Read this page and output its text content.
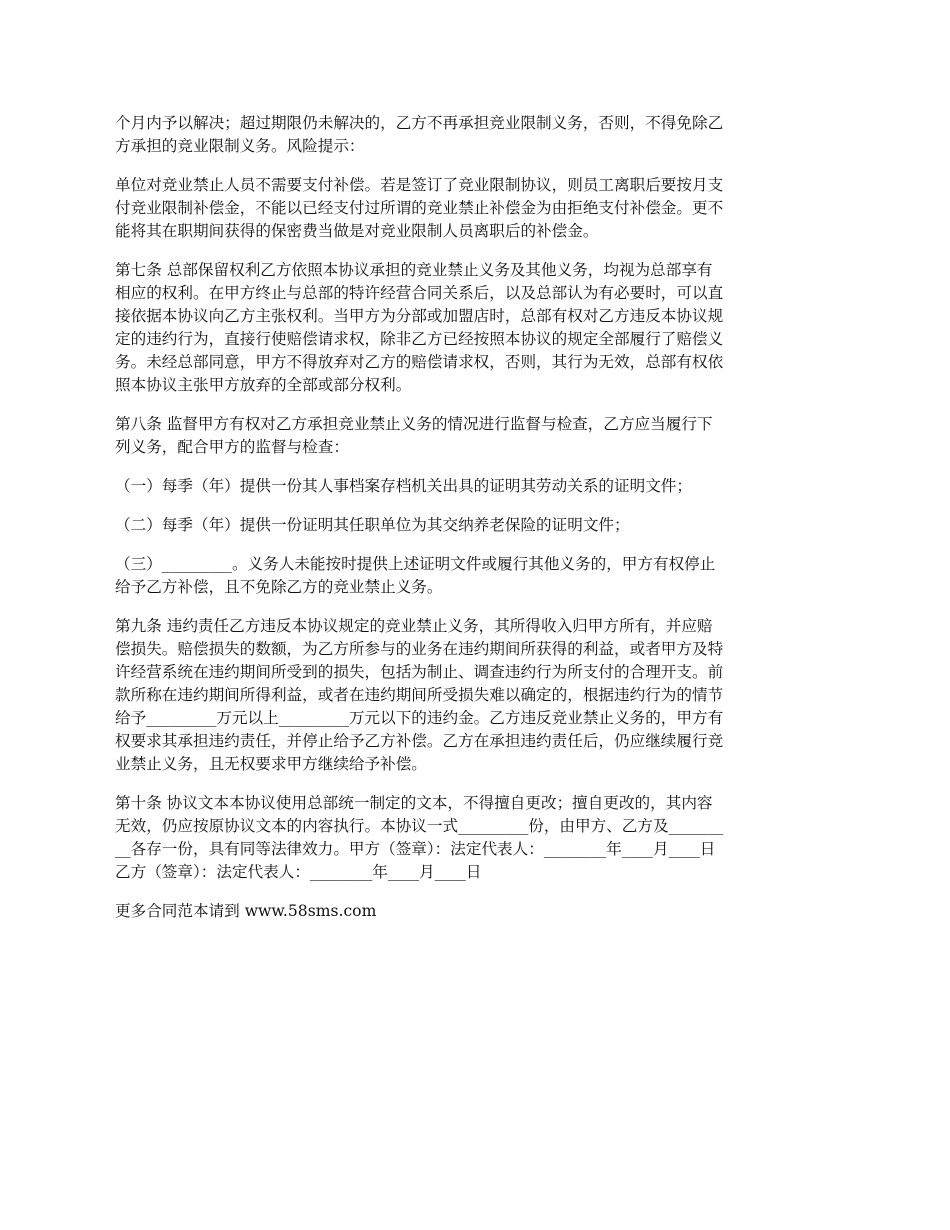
个月内予以解决；超过期限仍未解决的，乙方不再承担竞业限制义务，否则，不得免除乙
方承担的竞业限制义务。风险提示：

单位对竞业禁止人员不需要支付补偿。若是签订了竞业限制协议，则员工离职后要按月支
付竞业限制补偿金，不能以已经支付过所谓的竞业禁止补偿金为由拒绝支付补偿金。更不
能将其在职期间获得的保密费当做是对竞业限制人员离职后的补偿金。

第七条 总部保留权利乙方依照本协议承担的竞业禁止义务及其他义务，均视为总部享有
相应的权利。在甲方终止与总部的特许经营合同关系后，以及总部认为有必要时，可以直
接依据本协议向乙方主张权利。当甲方为分部或加盟店时，总部有权对乙方违反本协议规
定的违约行为，直接行使赔偿请求权，除非乙方已经按照本协议的规定全部履行了赔偿义
务。未经总部同意，甲方不得放弃对乙方的赔偿请求权，否则，其行为无效，总部有权依
照本协议主张甲方放弃的全部或部分权利。

第八条 监督甲方有权对乙方承担竞业禁止义务的情况进行监督与检查，乙方应当履行下
列义务，配合甲方的监督与检查：

（一）每季（年）提供一份其人事档案存档机关出具的证明其劳动关系的证明文件；

（二）每季（年）提供一份证明其任职单位为其交纳养老保险的证明文件；

（三）_________。义务人未能按时提供上述证明文件或履行其他义务的，甲方有权停止
给予乙方补偿，且不免除乙方的竞业禁止义务。

第九条 违约责任乙方违反本协议规定的竞业禁止义务，其所得收入归甲方所有，并应赔
偿损失。赔偿损失的数额，为乙方所参与的业务在违约期间所获得的利益，或者甲方及特
许经营系统在违约期间所受到的损失，包括为制止、调查违约行为所支付的合理开支。前
款所称在违约期间所得利益，或者在违约期间所受损失难以确定的，根据违约行为的情节
给予_________万元以上_________万元以下的违约金。乙方违反竞业禁止义务的，甲方有
权要求其承担违约责任，并停止给予乙方补偿。乙方在承担违约责任后，仍应继续履行竞
业禁止义务，且无权要求甲方继续给予补偿。

第十条 协议文本本协议使用总部统一制定的文本，不得擅自更改；擅自更改的，其内容
无效，仍应按原协议文本的内容执行。本协议一式_________份，由甲方、乙方及_______
__各存一份，具有同等法律效力。甲方（签章）：法定代表人：________年____月____日
乙方（签章）：法定代表人：________年____月____日

更多合同范本请到 www.58sms.com
